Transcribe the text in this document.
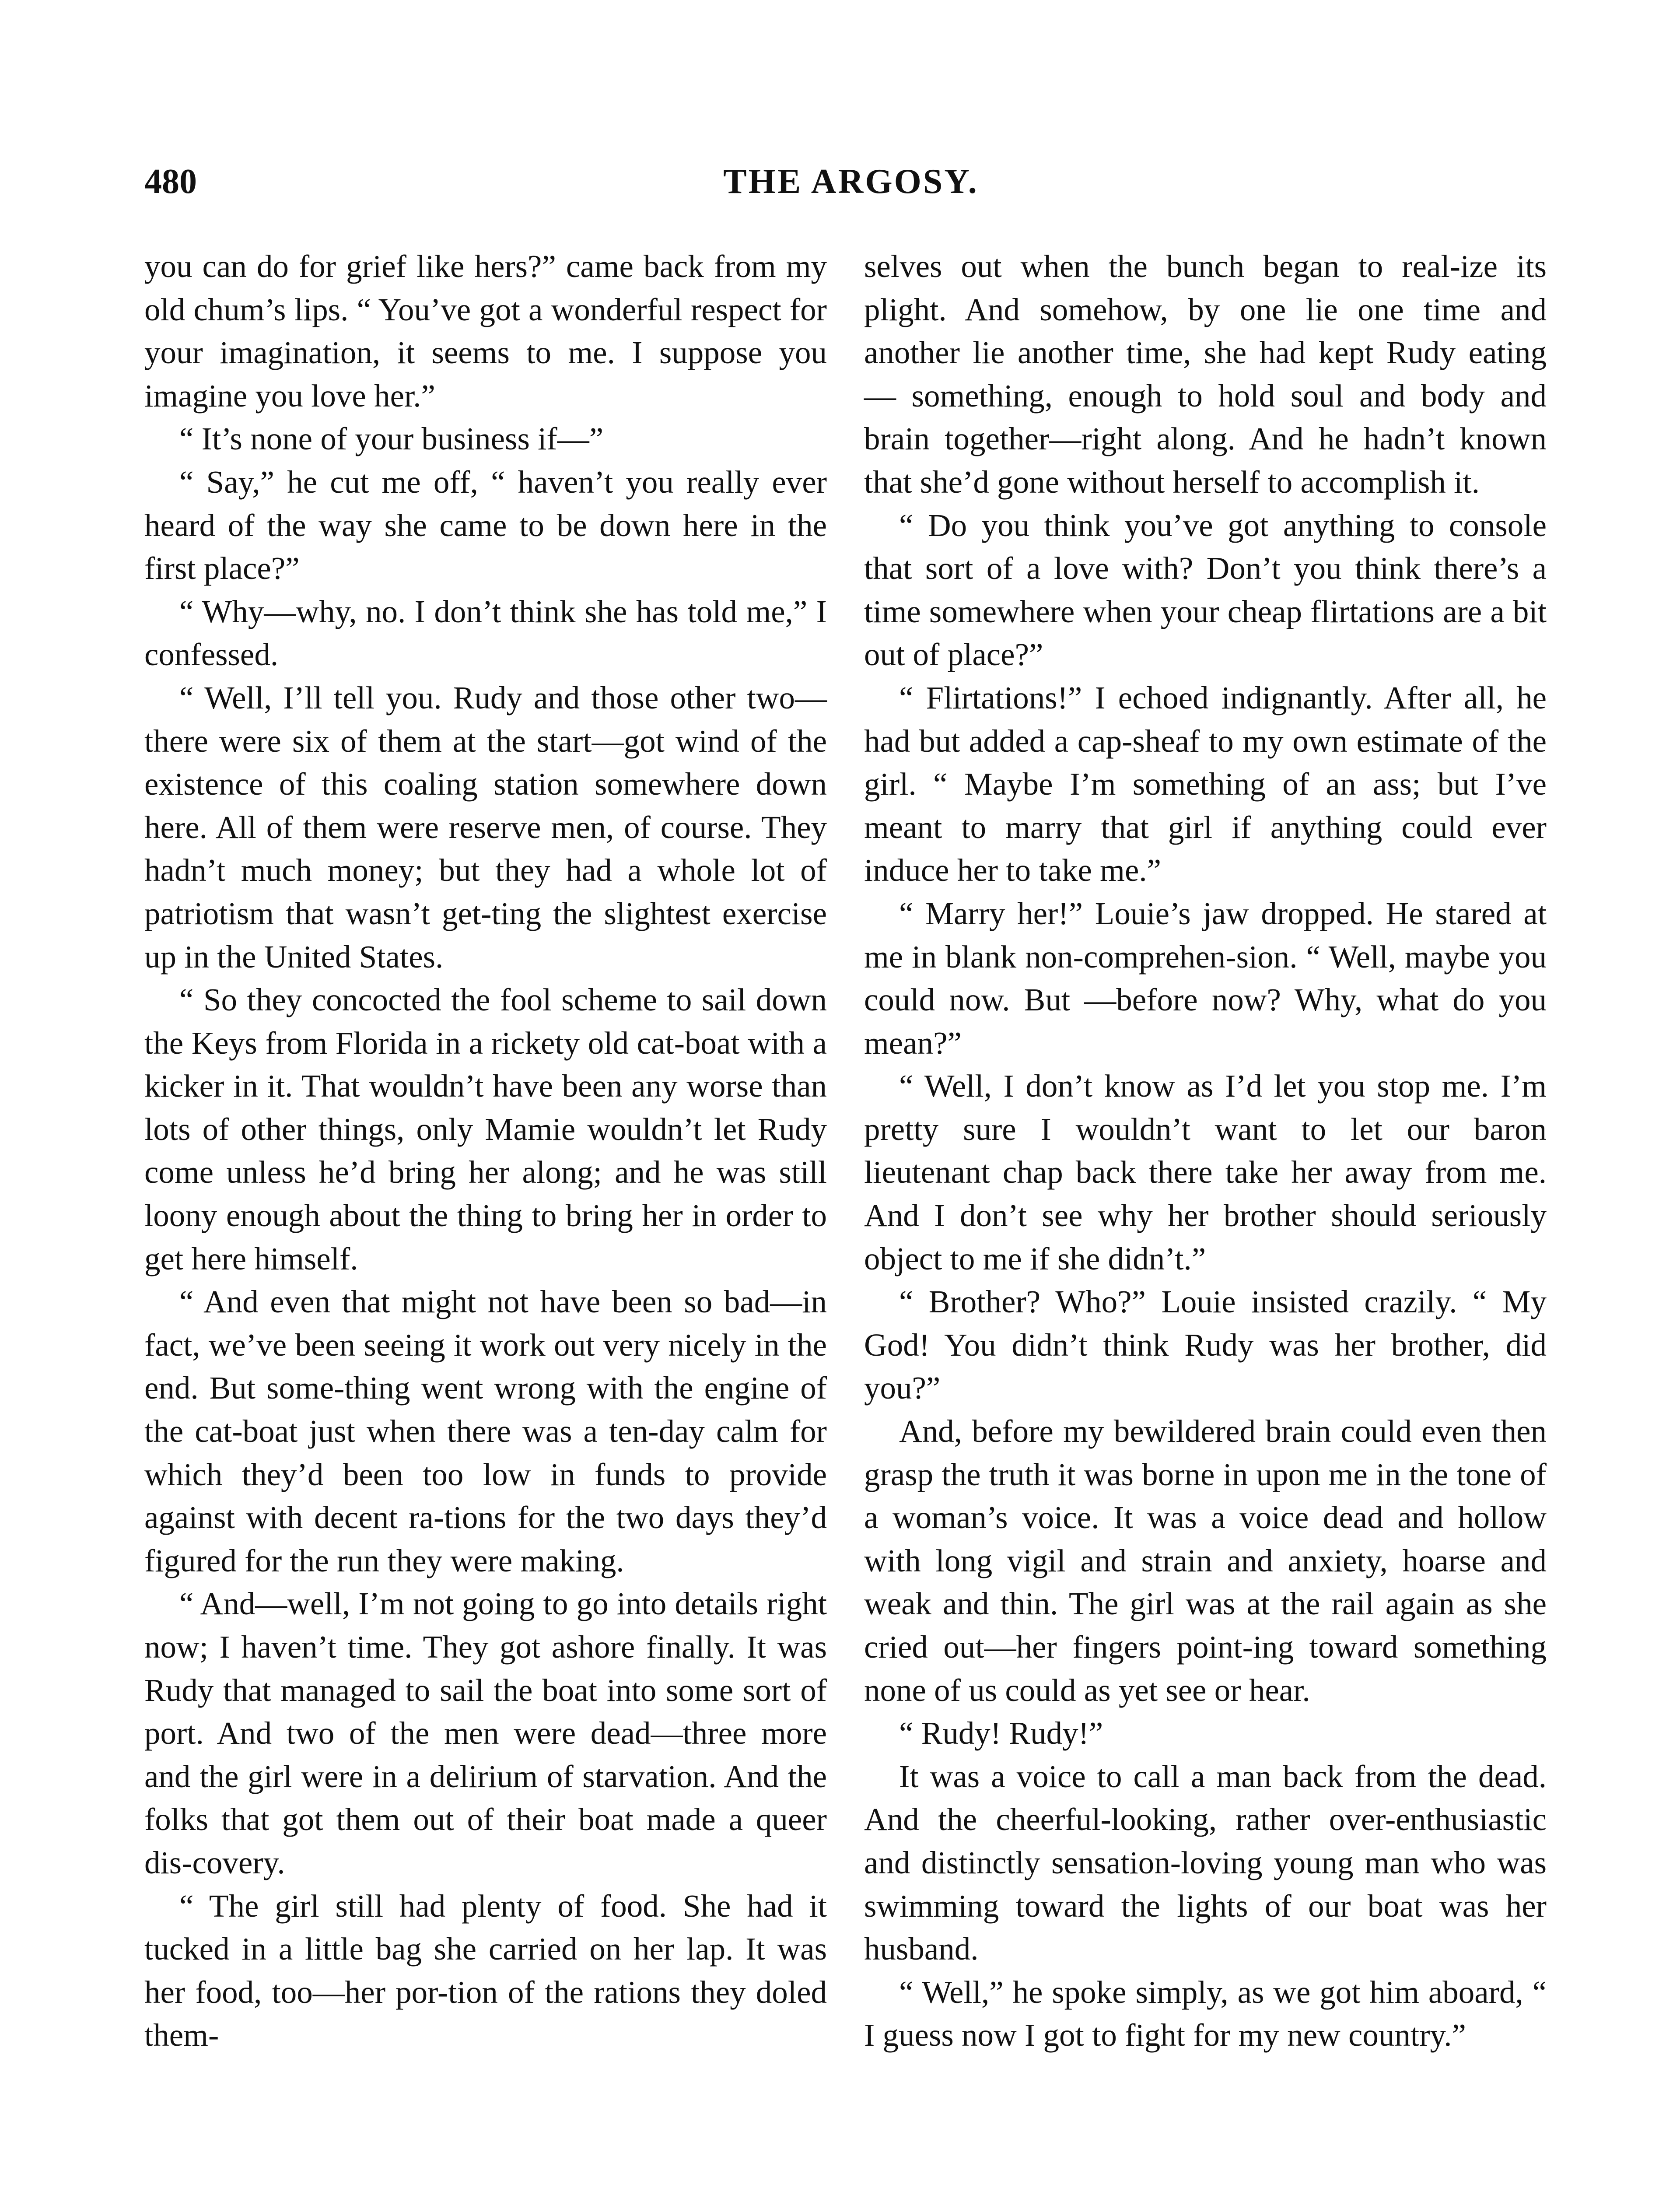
480	THE ARGOSY.

you can do for grief like hers?” came back from my old chum’s lips. “ You’ve got a wonderful respect for your imagination, it seems to me. I suppose you imagine you love her.”

“ It’s none of your business if—”

“ Say,” he cut me off, “ haven’t you really ever heard of the way she came to be down here in the first place?”

“ Why—why, no. I don’t think she has told me,” I confessed.

“ Well, I’ll tell you. Rudy and those other two—there were six of them at the start—got wind of the existence of this coaling station somewhere down here. All of them were reserve men, of course. They hadn’t much money; but they had a whole lot of patriotism that wasn’t get-ting the slightest exercise up in the United States.

“ So they concocted the fool scheme to sail down the Keys from Florida in a rickety old cat-boat with a kicker in it. That wouldn’t have been any worse than lots of other things, only Mamie wouldn’t let Rudy come unless he’d bring her along; and he was still loony enough about the thing to bring her in order to get here himself.

“ And even that might not have been so bad—in fact, we’ve been seeing it work out very nicely in the end. But some-thing went wrong with the engine of the cat-boat just when there was a ten-day calm for which they’d been too low in funds to provide against with decent ra-tions for the two days they’d figured for the run they were making.

“ And—well, I’m not going to go into details right now; I haven’t time. They got ashore finally. It was Rudy that managed to sail the boat into some sort of port. And two of the men were dead—three more and the girl were in a delirium of starvation. And the folks that got them out of their boat made a queer dis-covery.

“ The girl still had plenty of food. She had it tucked in a little bag she carried on her lap. It was her food, too—her por-tion of the rations they doled them-

selves out when the bunch began to real-ize its plight. And somehow, by one lie one time and another lie another time, she had kept Rudy eating — something, enough to hold soul and body and brain together—right along. And he hadn’t known that she’d gone without herself to accomplish it.

“ Do you think you’ve got anything to console that sort of a love with? Don’t you think there’s a time somewhere when your cheap flirtations are a bit out of place?”

“ Flirtations!” I echoed indignantly. After all, he had but added a cap-sheaf to my own estimate of the girl. “ Maybe I’m something of an ass; but I’ve meant to marry that girl if anything could ever induce her to take me.”

“ Marry her!” Louie’s jaw dropped. He stared at me in blank non-comprehen-sion. “ Well, maybe you could now. But —before now? Why, what do you mean?”

“ Well, I don’t know as I’d let you stop me. I’m pretty sure I wouldn’t want to let our baron lieutenant chap back there take her away from me. And I don’t see why her brother should seriously object to me if she didn’t.”

“ Brother? Who?” Louie insisted crazily. “ My God! You didn’t think Rudy was her brother, did you?”

And, before my bewildered brain could even then grasp the truth it was borne in upon me in the tone of a woman’s voice. It was a voice dead and hollow with long vigil and strain and anxiety, hoarse and weak and thin. The girl was at the rail again as she cried out—her fingers point-ing toward something none of us could as yet see or hear.

“ Rudy! Rudy!”

It was a voice to call a man back from the dead. And the cheerful-looking, rather over-enthusiastic and distinctly sensation-loving young man who was swimming toward the lights of our boat was her husband.

“ Well,” he spoke simply, as we got him aboard, “ I guess now I got to fight for my new country.”
